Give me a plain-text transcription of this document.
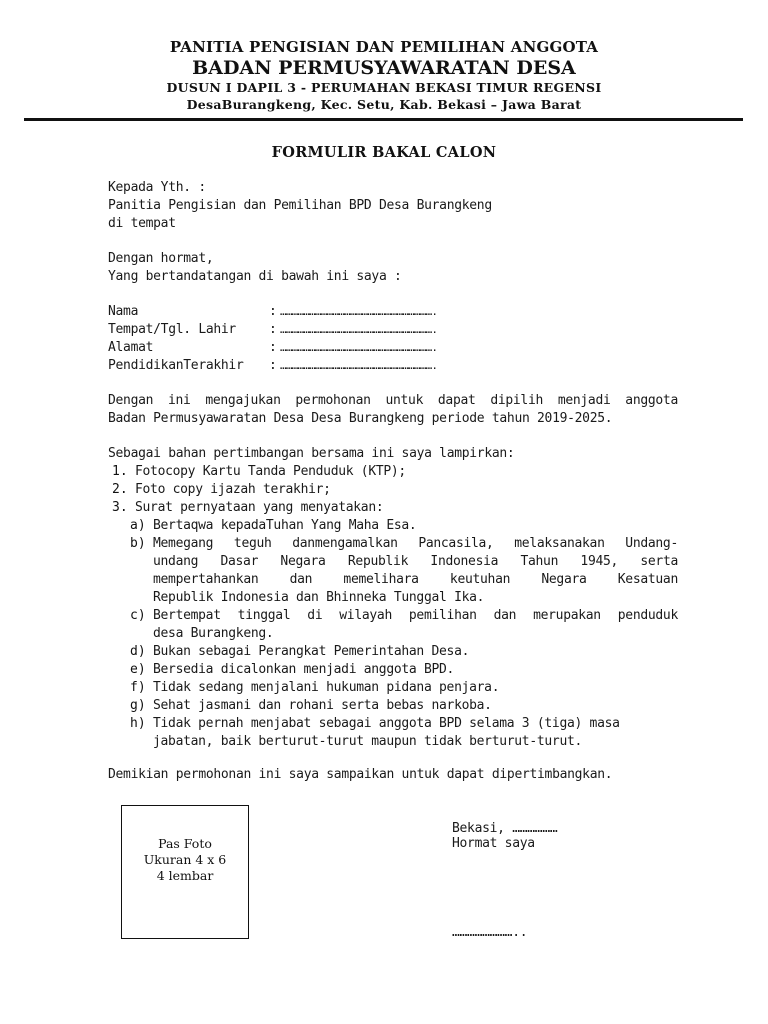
PANITIA PENGISIAN DAN PEMILIHAN ANGGOTA
BADAN PERMUSYAWARATAN DESA
DUSUN I DAPIL 3 - PERUMAHAN BEKASI TIMUR REGENSI
DesaBurangkeng, Kec. Setu, Kab. Bekasi – Jawa Barat
FORMULIR BAKAL CALON
Kepada Yth. :
Panitia Pengisian dan Pemilihan BPD Desa Burangkeng
di tempat
Dengan hormat,
Yang bertandatangan di bawah ini saya :
Nama	: …………………………………………………………………….
Tempat/Tgl. Lahir	: …………………………………………………………………….
Alamat	: …………………………………………………………………….
PendidikanTerakhir : …………………………………………………………………….
Dengan ini mengajukan permohonan untuk dapat dipilih menjadi anggota
Badan Permusyawaratan Desa Desa Burangkeng periode tahun 2019-2025.
Sebagai bahan pertimbangan bersama ini saya lampirkan:
1. Fotocopy Kartu Tanda Penduduk (KTP);
2. Foto copy ijazah terakhir;
3. Surat pernyataan yang menyatakan:
a) Bertaqwa kepadaTuhan Yang Maha Esa.
b) Memegang teguh danmengamalkan Pancasila, melaksanakan Undang-
undang Dasar Negara Republik Indonesia Tahun 1945, serta
mempertahankan dan memelihara keutuhan Negara Kesatuan
Republik Indonesia dan Bhinneka Tunggal Ika.
c) Bertempat tinggal di wilayah pemilihan dan merupakan penduduk
desa Burangkeng.
d) Bukan sebagai Perangkat Pemerintahan Desa.
e) Bersedia dicalonkan menjadi anggota BPD.
f) Tidak sedang menjalani hukuman pidana penjara.
g) Sehat jasmani dan rohani serta bebas narkoba.
h) Tidak pernah menjabat sebagai anggota BPD selama 3 (tiga) masa
jabatan, baik berturut-turut maupun tidak berturut-turut.
Demikian permohonan ini saya sampaikan untuk dapat dipertimbangkan.
Pas Foto
Ukuran 4 x 6
4 lembar
Bekasi, ………………
Hormat saya
……………………..
